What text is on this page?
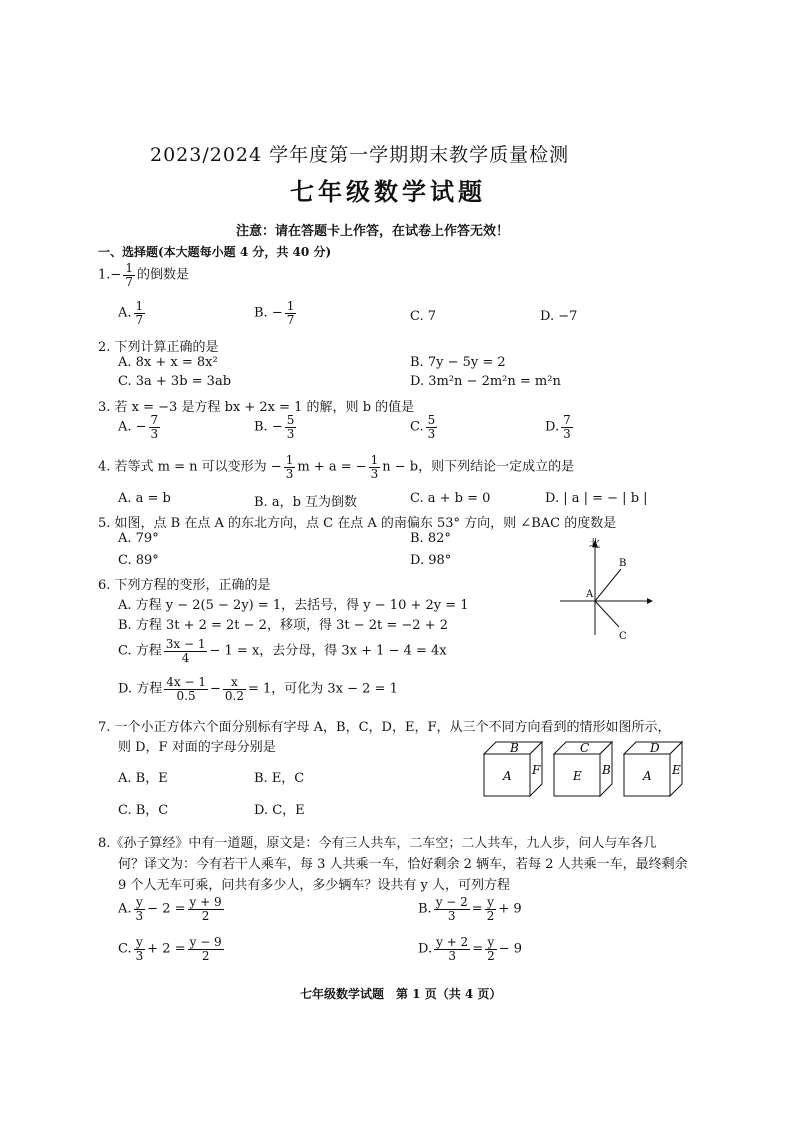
2023/2024 学年度第一学期期末教学质量检测
七年级数学试题
注意：请在答题卡上作答，在试卷上作答无效！
一、选择题(本大题每小题 4 分，共 40 分)
$1.- \frac{1}{7}$ 的倒数是
A. $\frac{1}{7}$	B. − $\frac{1}{7}$	C. 7	D. −7
2. 下列计算正确的是
A. 8x + x = 8x²	B. 7y − 5y = 2
C. 3a + 3b = 3ab	D. 3m²n − 2m²n = m²n
3. 若 x = −3 是方程 bx + 2x = 1 的解，则 b 的值是
A. − $\frac{7}{3}$	B. − $\frac{5}{3}$	C. $\frac{5}{3}$	D. $\frac{7}{3}$
4. 若等式 m = n 可以变形为 − $\frac{1}{3}$ m + a = − $\frac{1}{3}$ n − b，则下列结论一定成立的是
A. a = b	B. a，b 互为倒数	C. a + b = 0	D. | a | = − | b |
5. 如图，点 B 在点 A 的东北方向，点 C 在点 A 的南偏东 53° 方向，则 ∠BAC 的度数是
A. 79°	B. 82°
C. 89°	D. 98°
北
A
B
C
6. 下列方程的变形，正确的是
A. 方程 y − 2(5 − 2y) = 1，去括号，得 y − 10 + 2y = 1
B. 方程 3t + 2 = 2t − 2，移项，得 3t − 2t = −2 + 2
C. 方程 $\frac{3x - 1}{4} - 1 = x$，去分母，得 3x + 1 − 4 = 4x
D. 方程 $\frac{4x - 1}{0.5} - \frac{x}{0.2} = 1$，可化为 3x − 2 = 1
7. 一个小正方体六个面分别标有字母 A，B，C，D，E，F，从三个不同方向看到的情形如图所示，
则 D，F 对面的字母分别是
A. B，E	B. E，C
C. B，C	D. C，E
B
A F
C
E B
D
A E
8.《孙子算经》中有一道题，原文是：今有三人共车，二车空；二人共车，九人步，问人与车各几
何？译文为：今有若干人乘车，每 3 人共乘一车，恰好剩余 2 辆车，若每 2 人共乘一车，最终剩余
9 个人无车可乘，问共有多少人，多少辆车？设共有 y 人，可列方程
A. $\frac{y}{3} - 2 = \frac{y + 9}{2}$	B. $\frac{y - 2}{3} = \frac{y}{2} + 9$
C. $\frac{y}{3} + 2 = \frac{y - 9}{2}$	D. $\frac{y + 2}{3} = \frac{y}{2} - 9$
七年级数学试题　第 1 页（共 4 页）
